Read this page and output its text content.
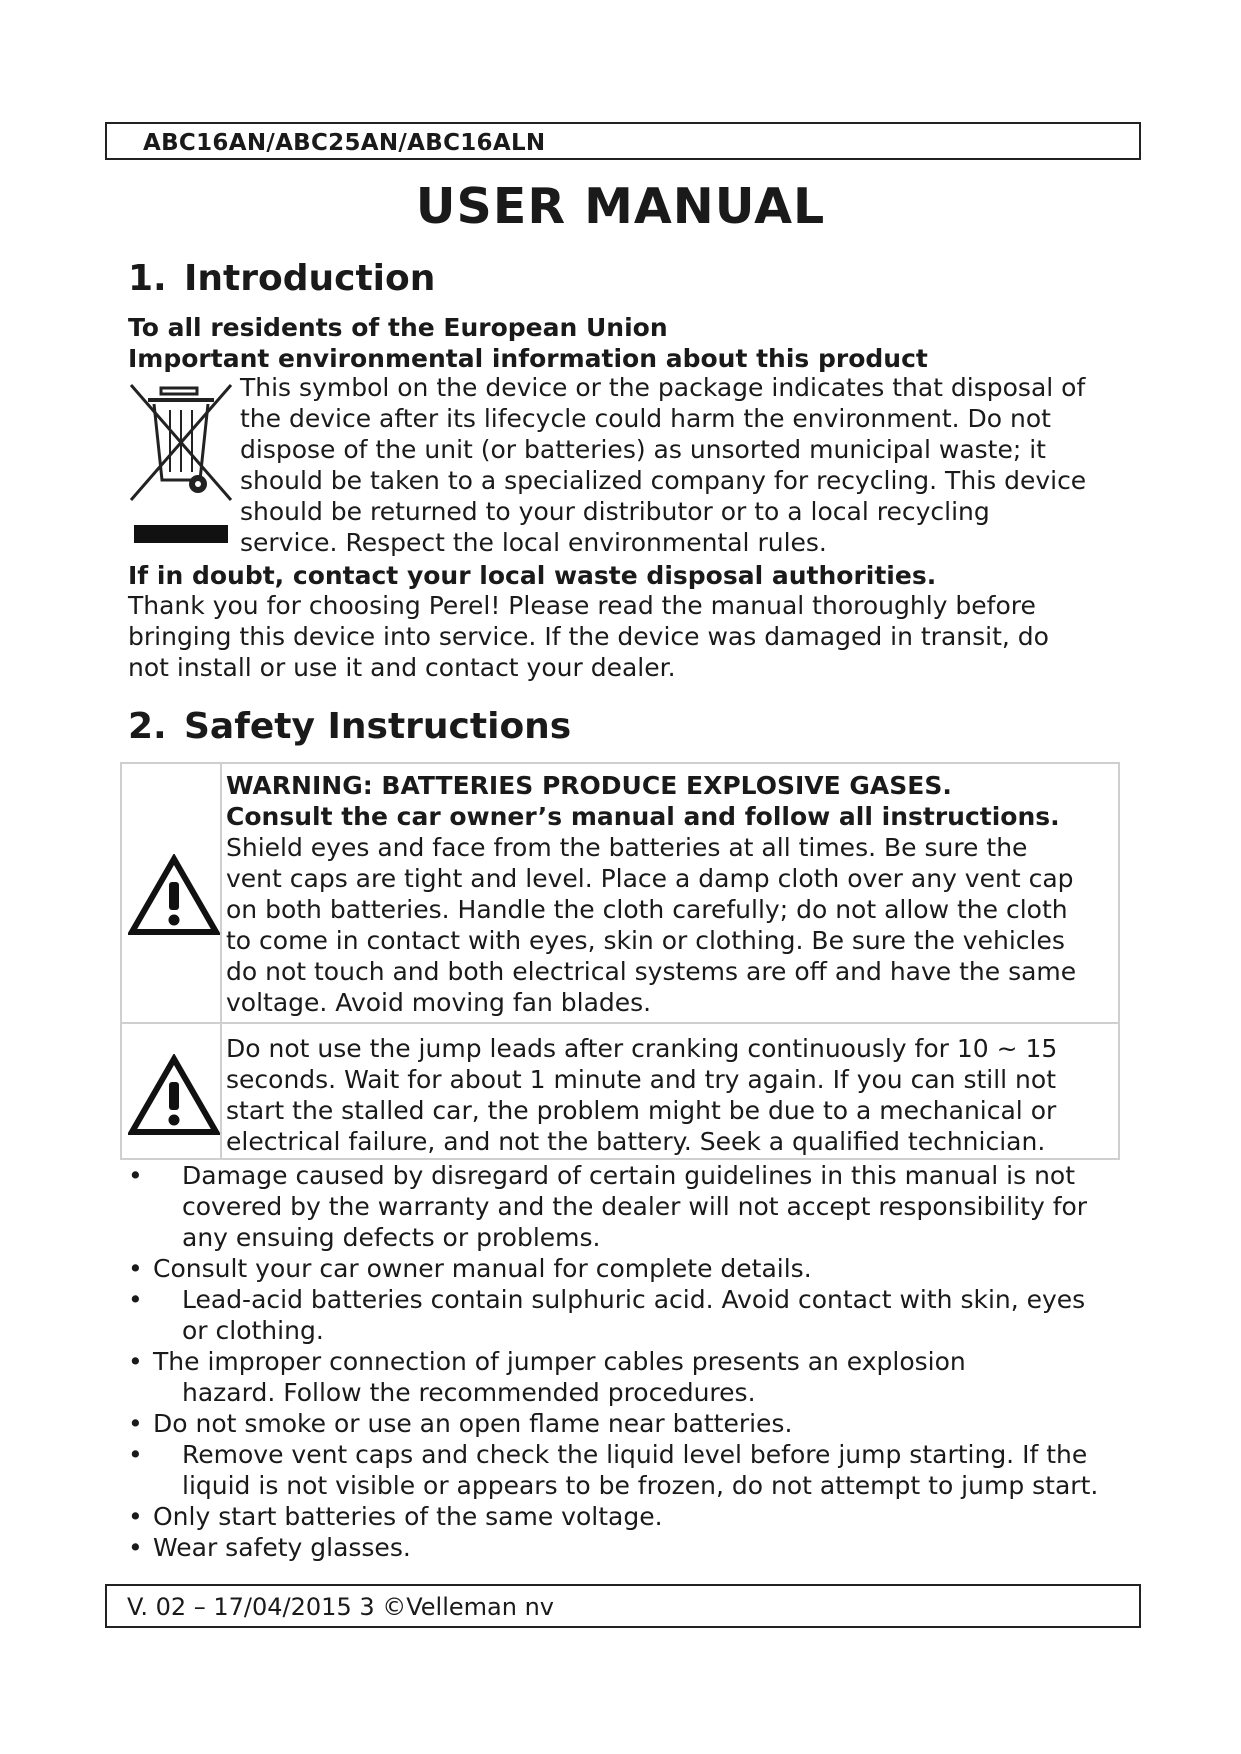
ABC16AN/ABC25AN/ABC16ALN
USER MANUAL
1. Introduction
To all residents of the European Union
Important environmental information about this product
This symbol on the device or the package indicates that disposal of
the device after its lifecycle could harm the environment. Do not
dispose of the unit (or batteries) as unsorted municipal waste; it
should be taken to a specialized company for recycling. This device
should be returned to your distributor or to a local recycling
service. Respect the local environmental rules.
If in doubt, contact your local waste disposal authorities.
Thank you for choosing Perel! Please read the manual thoroughly before
bringing this device into service. If the device was damaged in transit, do
not install or use it and contact your dealer.
2. Safety Instructions
WARNING: BATTERIES PRODUCE EXPLOSIVE GASES.
Consult the car owner’s manual and follow all instructions.
Shield eyes and face from the batteries at all times. Be sure the
vent caps are tight and level. Place a damp cloth over any vent cap
on both batteries. Handle the cloth carefully; do not allow the cloth
to come in contact with eyes, skin or clothing. Be sure the vehicles
do not touch and both electrical systems are off and have the same
voltage. Avoid moving fan blades.
Do not use the jump leads after cranking continuously for 10 ~ 15
seconds. Wait for about 1 minute and try again. If you can still not
start the stalled car, the problem might be due to a mechanical or
electrical failure, and not the battery. Seek a qualified technician.
• Damage caused by disregard of certain guidelines in this manual is not
covered by the warranty and the dealer will not accept responsibility for
any ensuing defects or problems.
• Consult your car owner manual for complete details.
• Lead-acid batteries contain sulphuric acid. Avoid contact with skin, eyes
or clothing.
• The improper connection of jumper cables presents an explosion
hazard. Follow the recommended procedures.
• Do not smoke or use an open flame near batteries.
• Remove vent caps and check the liquid level before jump starting. If the
liquid is not visible or appears to be frozen, do not attempt to jump start.
• Only start batteries of the same voltage.
• Wear safety glasses.
V. 02 – 17/04/2015 3 ©Velleman nv
